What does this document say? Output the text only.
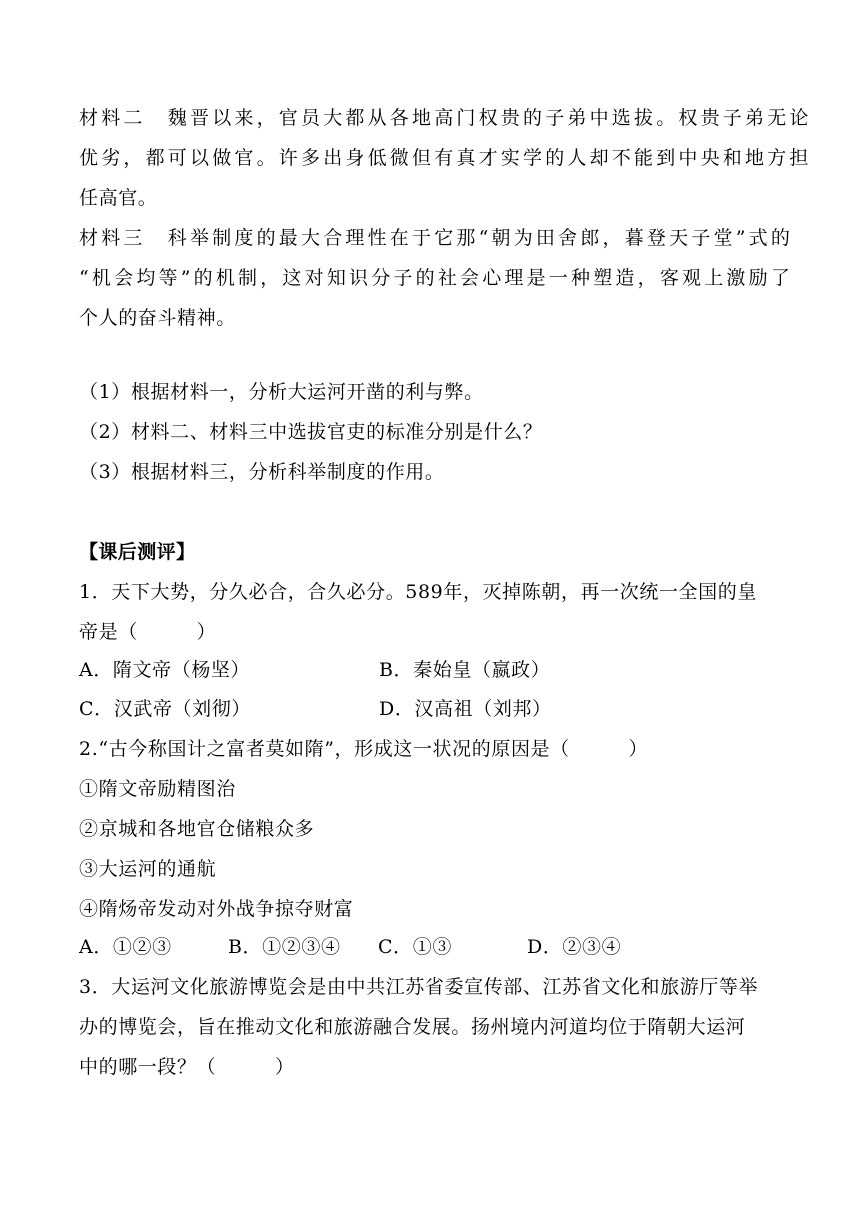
材料二　魏晋以来，官员大都从各地高门权贵的子弟中选拔。权贵子弟无论
优劣，都可以做官。许多出身低微但有真才实学的人却不能到中央和地方担
任高官。
材料三　科举制度的最大合理性在于它那“朝为田舍郎，暮登天子堂”式的
“机会均等”的机制，这对知识分子的社会心理是一种塑造，客观上激励了
个人的奋斗精神。
（1）根据材料一，分析大运河开凿的利与弊。
（2）材料二、材料三中选拔官吏的标准分别是什么？
（3）根据材料三，分析科举制度的作用。
【课后测评】
1．天下大势，分久必合，合久必分。589年，灭掉陈朝，再一次统一全国的皇
帝是（　　　）
A．隋文帝（杨坚）	B．秦始皇（嬴政）
C．汉武帝（刘彻）	D．汉高祖（刘邦）
2.“古今称国计之富者莫如隋”，形成这一状况的原因是（　　　）
①隋文帝励精图治
②京城和各地官仓储粮众多
③大运河的通航
④隋炀帝发动对外战争掠夺财富
A．①②③	B．①②③④ C．①③	D．②③④
3．大运河文化旅游博览会是由中共江苏省委宣传部、江苏省文化和旅游厅等举
办的博览会，旨在推动文化和旅游融合发展。扬州境内河道均位于隋朝大运河
中的哪一段？（　　　）
